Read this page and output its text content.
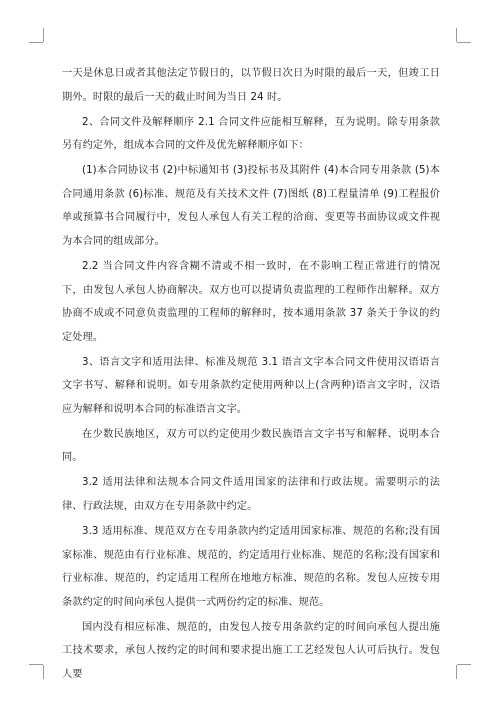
一天是休息日或者其他法定节假日的，以节假日次日为时限的最后一天，但竣工日期外。时限的最后一天的截止时间为当日 24 时。

2、合同文件及解释顺序 2.1 合同文件应能相互解释，互为说明。除专用条款另有约定外，组成本合同的文件及优先解释顺序如下：

(1)本合同协议书 (2)中标通知书 (3)投标书及其附件 (4)本合同专用条款 (5)本合同通用条款 (6)标准、规范及有关技术文件 (7)图纸 (8)工程量清单 (9)工程报价单或预算书合同履行中，发包人承包人有关工程的洽商、变更等书面协议或文件视为本合同的组成部分。

2.2 当合同文件内容含糊不清或不相一致时，在不影响工程正常进行的情况下，由发包人承包人协商解决。双方也可以提请负责监理的工程师作出解释。双方协商不成或不同意负责监理的工程师的解释时，按本通用条款 37 条关于争议的约定处理。

3、语言文字和适用法律、标准及规范 3.1 语言文字本合同文件使用汉语语言文字书写、解释和说明。如专用条款约定使用两种以上(含两种)语言文字时，汉语应为解释和说明本合同的标准语言文字。

在少数民族地区，双方可以约定使用少数民族语言文字书写和解释、说明本合同。

3.2 适用法律和法规本合同文件适用国家的法律和行政法规。需要明示的法律、行政法规，由双方在专用条款中约定。

3.3 适用标准、规范双方在专用条款内约定适用国家标准、规范的名称;没有国家标准、规范由有行业标准、规范的，约定适用行业标准、规范的名称;没有国家和行业标准、规范的，约定适用工程所在地地方标准、规范的名称。发包人应按专用条款约定的时间向承包人提供一式两份约定的标准、规范。

国内没有相应标准、规范的，由发包人按专用条款约定的时间向承包人提出施工技术要求，承包人按约定的时间和要求提出施工工艺经发包人认可后执行。发包人要
